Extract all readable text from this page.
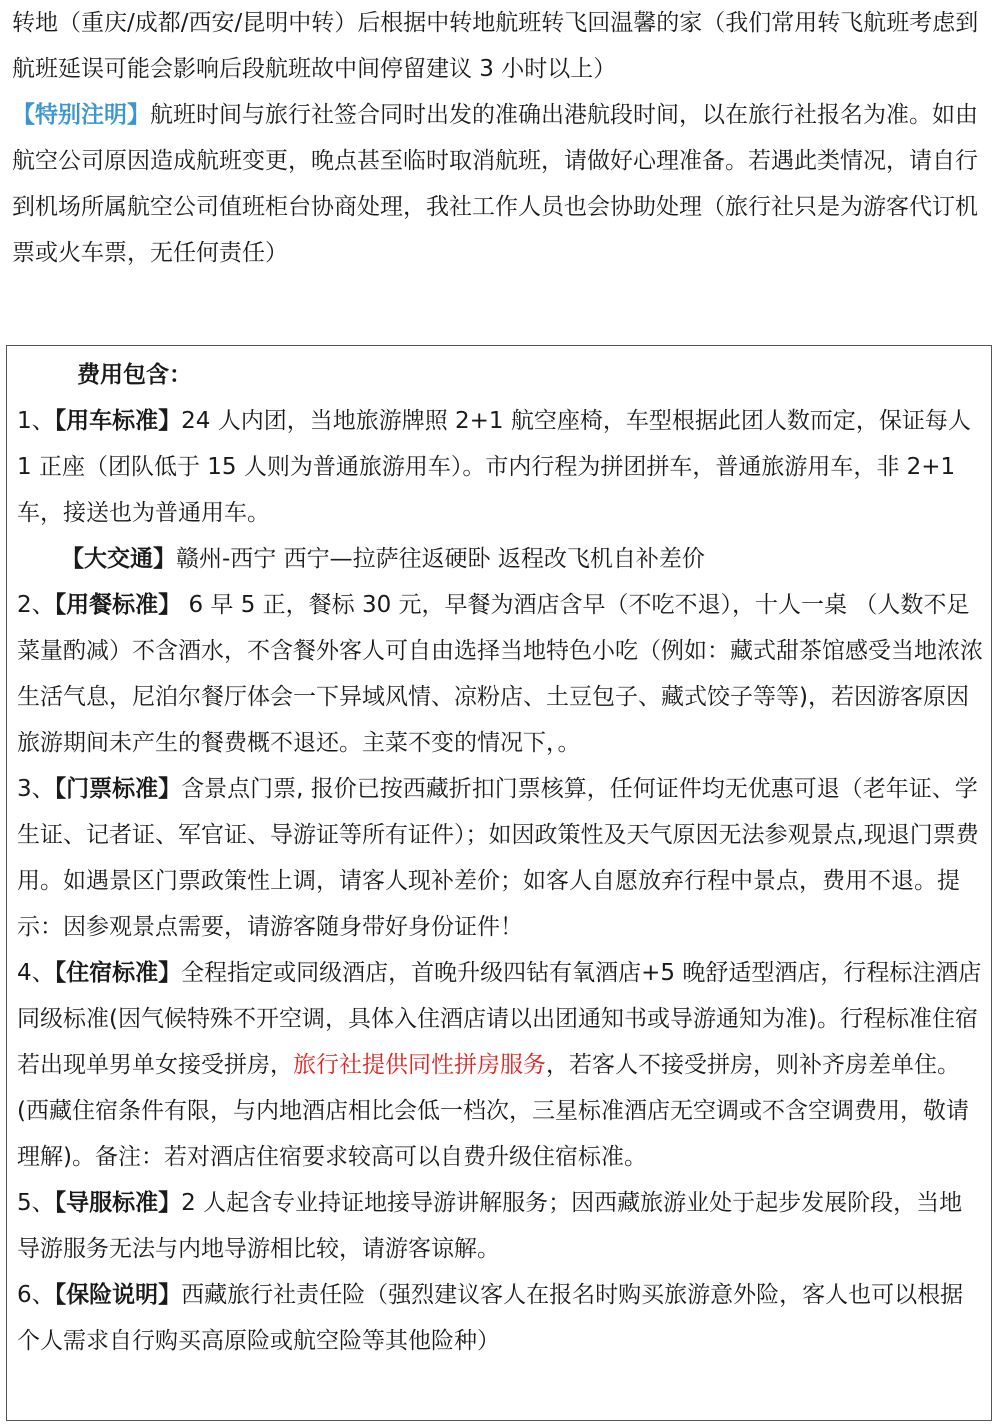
转地（重庆/成都/西安/昆明中转）后根据中转地航班转飞回温馨的家（我们常用转飞航班考虑到航班延误可能会影响后段航班故中间停留建议 3 小时以上）

【特别注明】航班时间与旅行社签合同时出发的准确出港航段时间，以在旅行社报名为准。如由航空公司原因造成航班变更，晚点甚至临时取消航班，请做好心理准备。若遇此类情况，请自行到机场所属航空公司值班柜台协商处理，我社工作人员也会协助处理（旅行社只是为游客代订机票或火车票，无任何责任）

费用包含：

1、【用车标准】24 人内团，当地旅游牌照 2+1 航空座椅，车型根据此团人数而定，保证每人 1 正座（团队低于 15 人则为普通旅游用车）。市内行程为拼团拼车，普通旅游用车，非 2+1 车，接送也为普通用车。

【大交通】赣州-西宁 西宁—拉萨往返硬卧 返程改飞机自补差价

2、【用餐标准】 6 早 5 正，餐标 30 元，早餐为酒店含早（不吃不退），十人一桌 （人数不足菜量酌减）不含酒水，不含餐外客人可自由选择当地特色小吃（例如：藏式甜茶馆感受当地浓浓生活气息，尼泊尔餐厅体会一下异域风情、凉粉店、土豆包子、藏式饺子等等)，若因游客原因旅游期间未产生的餐费概不退还。主菜不变的情况下，。

3、【门票标准】含景点门票, 报价已按西藏折扣门票核算，任何证件均无优惠可退（老年证、学生证、记者证、军官证、导游证等所有证件）；如因政策性及天气原因无法参观景点,现退门票费用。如遇景区门票政策性上调，请客人现补差价；如客人自愿放弃行程中景点，费用不退。提示：因参观景点需要，请游客随身带好身份证件！

4、【住宿标准】全程指定或同级酒店，首晚升级四钻有氧酒店+5 晚舒适型酒店，行程标注酒店同级标准(因气候特殊不开空调，具体入住酒店请以出团通知书或导游通知为准)。行程标准住宿若出现单男单女接受拼房，旅行社提供同性拼房服务，若客人不接受拼房，则补齐房差单住。(西藏住宿条件有限，与内地酒店相比会低一档次，三星标准酒店无空调或不含空调费用，敬请理解)。备注：若对酒店住宿要求较高可以自费升级住宿标准。

5、【导服标准】2 人起含专业持证地接导游讲解服务；因西藏旅游业处于起步发展阶段，当地导游服务无法与内地导游相比较，请游客谅解。

6、【保险说明】西藏旅行社责任险（强烈建议客人在报名时购买旅游意外险，客人也可以根据个人需求自行购买高原险或航空险等其他险种）
